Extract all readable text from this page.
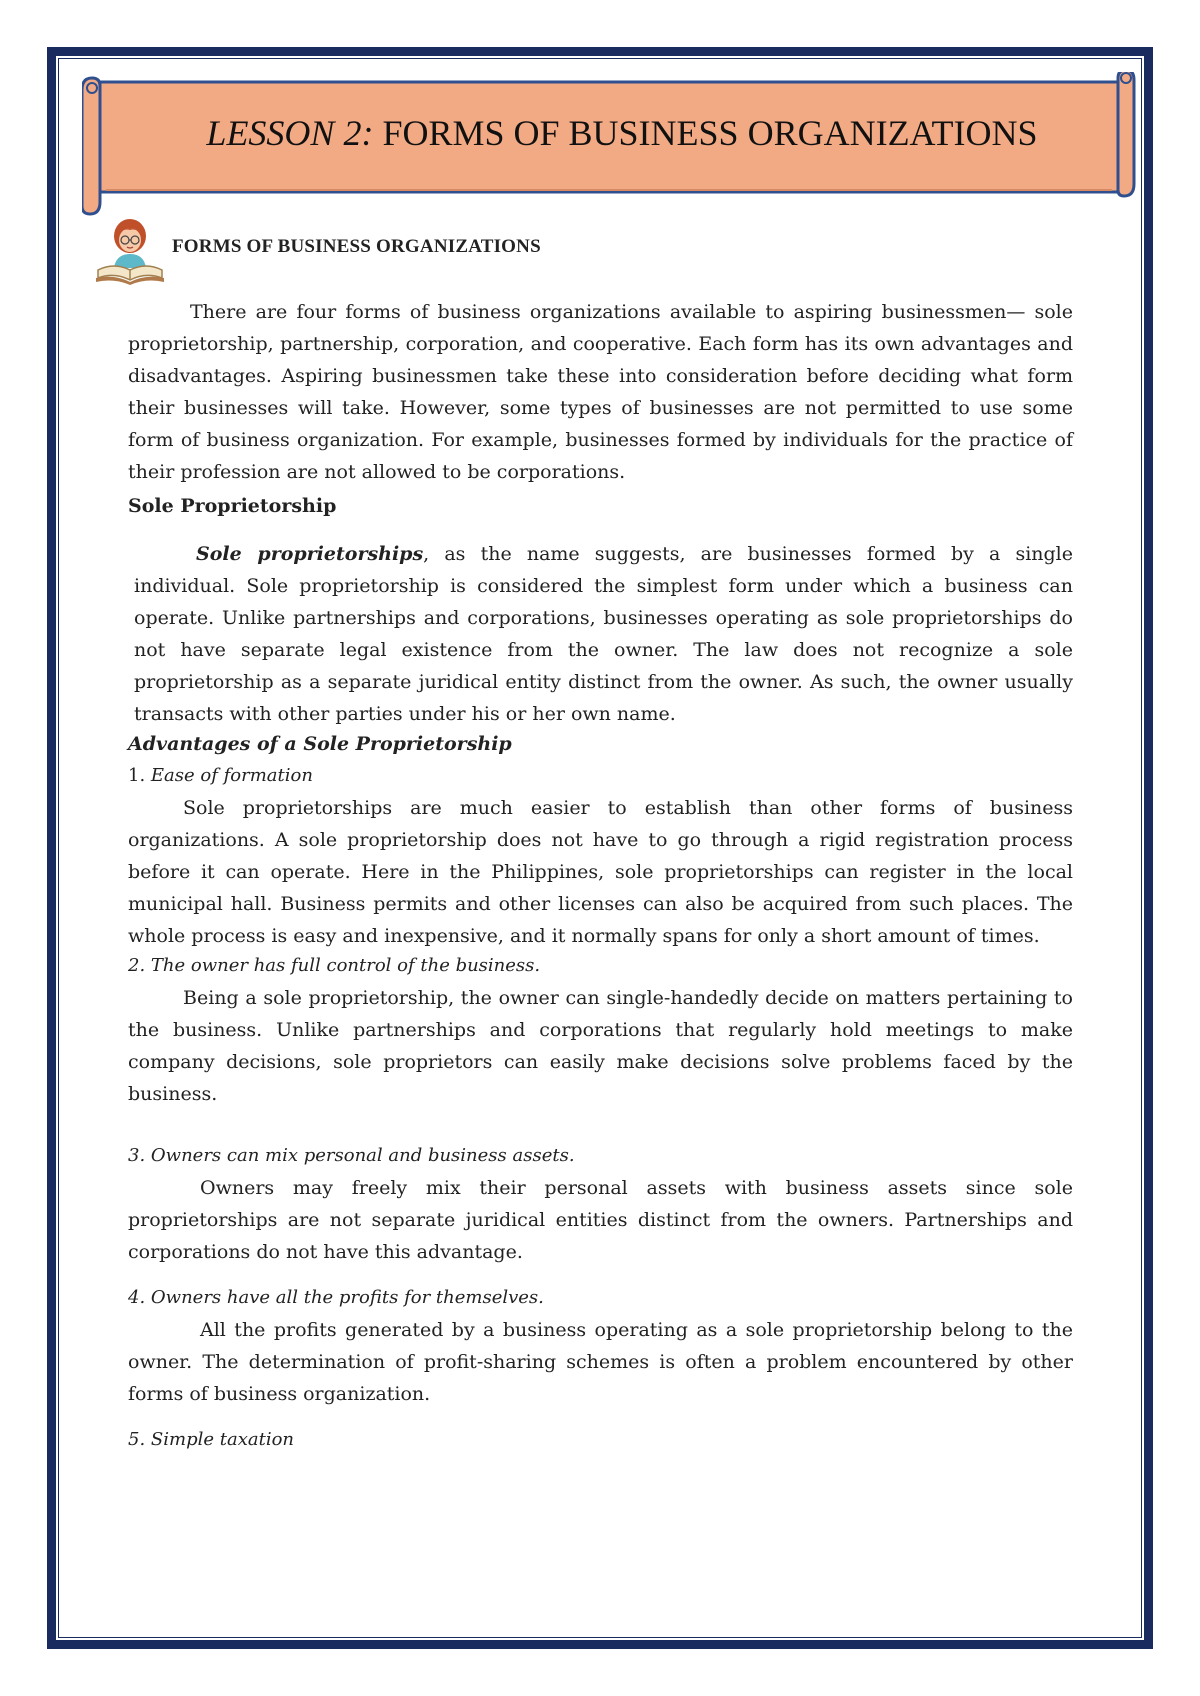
LESSON 2: FORMS OF BUSINESS ORGANIZATIONS
FORMS OF BUSINESS ORGANIZATIONS

There are four forms of business organizations available to aspiring businessmen— sole proprietorship, partnership, corporation, and cooperative. Each form has its own advantages and disadvantages. Aspiring businessmen take these into consideration before deciding what form their businesses will take. However, some types of businesses are not permitted to use some form of business organization. For example, businesses formed by individuals for the practice of their profession are not allowed to be corporations.

Sole Proprietorship

Sole proprietorships, as the name suggests, are businesses formed by a single individual. Sole proprietorship is considered the simplest form under which a business can operate. Unlike partnerships and corporations, businesses operating as sole proprietorships do not have separate legal existence from the owner. The law does not recognize a sole proprietorship as a separate juridical entity distinct from the owner. As such, the owner usually transacts with other parties under his or her own name.

Advantages of a Sole Proprietorship
1. Ease of formation

Sole proprietorships are much easier to establish than other forms of business organizations. A sole proprietorship does not have to go through a rigid registration process before it can operate. Here in the Philippines, sole proprietorships can register in the local municipal hall. Business permits and other licenses can also be acquired from such places. The whole process is easy and inexpensive, and it normally spans for only a short amount of times.

2. The owner has full control of the business.

Being a sole proprietorship, the owner can single-handedly decide on matters pertaining to the business. Unlike partnerships and corporations that regularly hold meetings to make company decisions, sole proprietors can easily make decisions solve problems faced by the business.

3. Owners can mix personal and business assets.

Owners may freely mix their personal assets with business assets since sole proprietorships are not separate juridical entities distinct from the owners. Partnerships and corporations do not have this advantage.

4. Owners have all the profits for themselves.

All the profits generated by a business operating as a sole proprietorship belong to the owner. The determination of profit-sharing schemes is often a problem encountered by other forms of business organization.

5. Simple taxation
